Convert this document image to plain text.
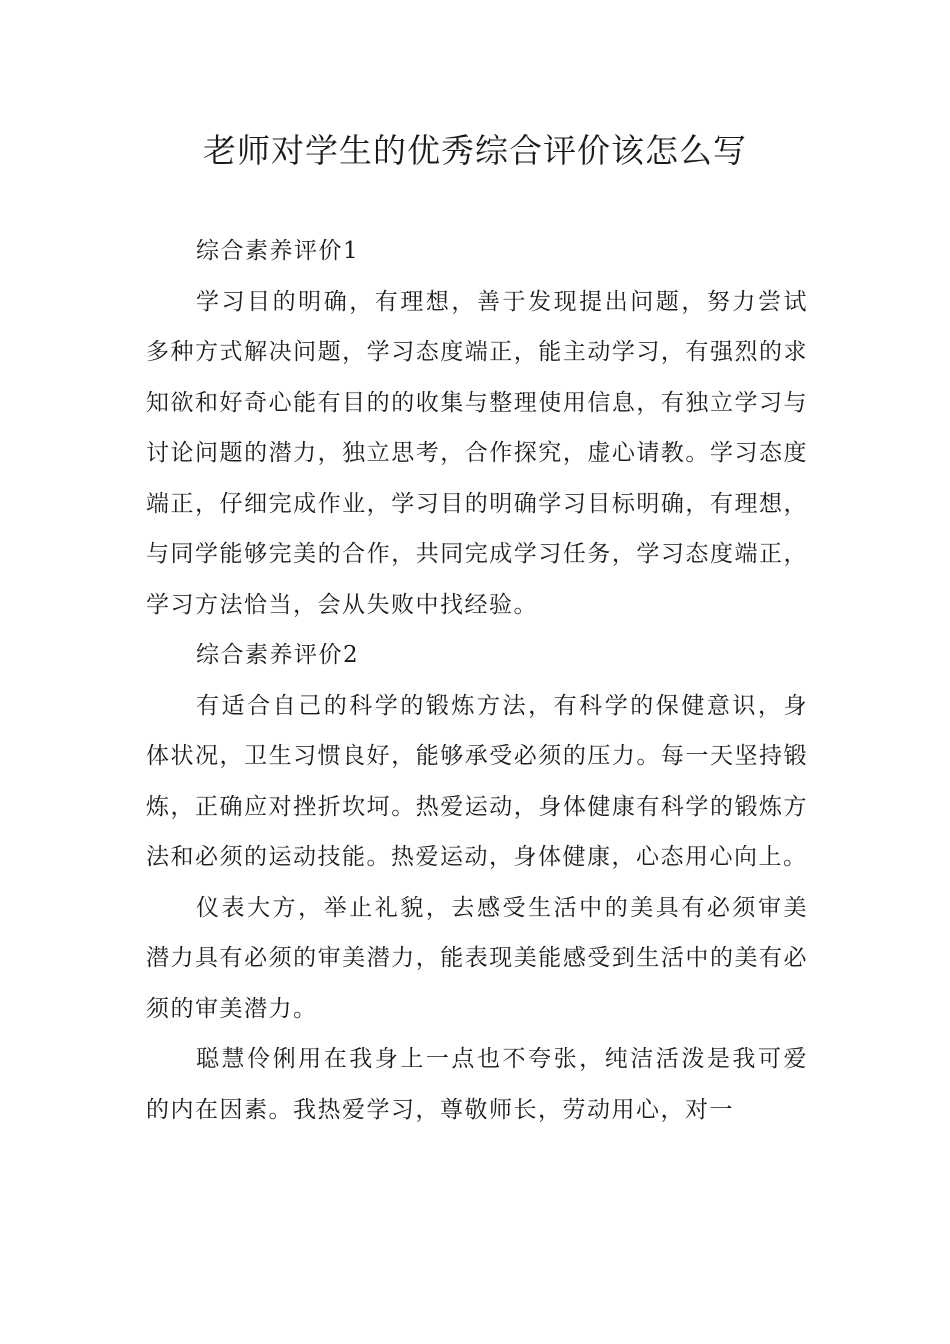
老师对学生的优秀综合评价该怎么写

综合素养评价1

学习目的明确，有理想，善于发现提出问题，努力尝试多种方式解决问题，学习态度端正，能主动学习，有强烈的求知欲和好奇心能有目的的收集与整理使用信息，有独立学习与讨论问题的潜力，独立思考，合作探究，虚心请教。学习态度端正，仔细完成作业，学习目的明确学习目标明确，有理想，与同学能够完美的合作，共同完成学习任务，学习态度端正，学习方法恰当，会从失败中找经验。

综合素养评价2

有适合自己的科学的锻炼方法，有科学的保健意识，身体状况，卫生习惯良好，能够承受必须的压力。每一天坚持锻炼，正确应对挫折坎坷。热爱运动，身体健康有科学的锻炼方法和必须的运动技能。热爱运动，身体健康，心态用心向上。

仪表大方，举止礼貌，去感受生活中的美具有必须审美潜力具有必须的审美潜力，能表现美能感受到生活中的美有必须的审美潜力。

聪慧伶俐用在我身上一点也不夸张，纯洁活泼是我可爱的内在因素。我热爱学习，尊敬师长，劳动用心，对一
